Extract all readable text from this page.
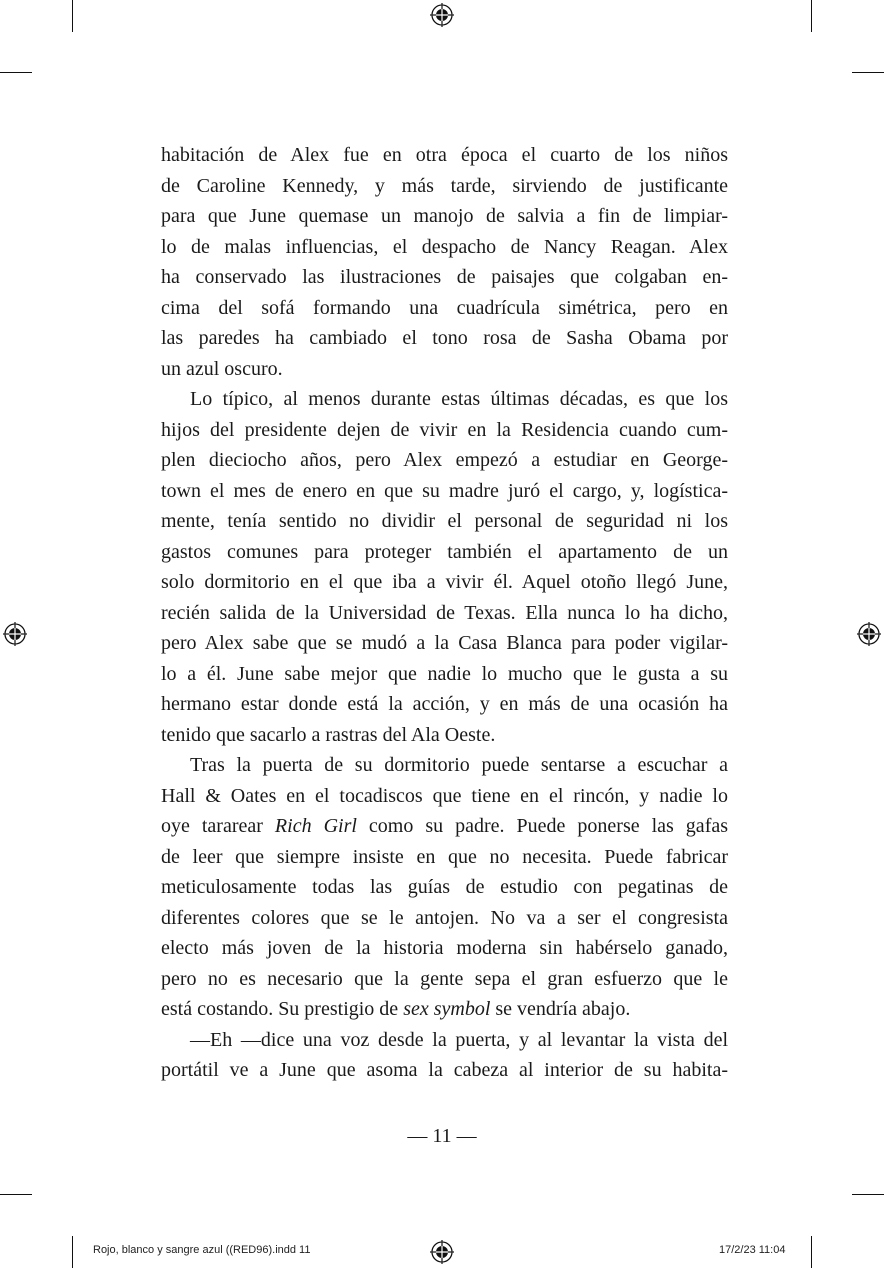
habitación de Alex fue en otra época el cuarto de los niños
de Caroline Kennedy, y más tarde, sirviendo de justificante
para que June quemase un manojo de salvia a fin de limpiar-
lo de malas influencias, el despacho de Nancy Reagan. Alex
ha conservado las ilustraciones de paisajes que colgaban en-
cima del sofá formando una cuadrícula simétrica, pero en
las paredes ha cambiado el tono rosa de Sasha Obama por
un azul oscuro.
Lo típico, al menos durante estas últimas décadas, es que los
hijos del presidente dejen de vivir en la Residencia cuando cum-
plen dieciocho años, pero Alex empezó a estudiar en George-
town el mes de enero en que su madre juró el cargo, y, logística-
mente, tenía sentido no dividir el personal de seguridad ni los
gastos comunes para proteger también el apartamento de un
solo dormitorio en el que iba a vivir él. Aquel otoño llegó June,
recién salida de la Universidad de Texas. Ella nunca lo ha dicho,
pero Alex sabe que se mudó a la Casa Blanca para poder vigilar-
lo a él. June sabe mejor que nadie lo mucho que le gusta a su
hermano estar donde está la acción, y en más de una ocasión ha
tenido que sacarlo a rastras del Ala Oeste.
Tras la puerta de su dormitorio puede sentarse a escuchar a
Hall & Oates en el tocadiscos que tiene en el rincón, y nadie lo
oye tararear Rich Girl como su padre. Puede ponerse las gafas
de leer que siempre insiste en que no necesita. Puede fabricar
meticulosamente todas las guías de estudio con pegatinas de
diferentes colores que se le antojen. No va a ser el congresista
electo más joven de la historia moderna sin habérselo ganado,
pero no es necesario que la gente sepa el gran esfuerzo que le
está costando. Su prestigio de sex symbol se vendría abajo.
—Eh —dice una voz desde la puerta, y al levantar la vista del
portátil ve a June que asoma la cabeza al interior de su habita-
— 11 —
Rojo, blanco y sangre azul ((RED96).indd 11	17/2/23 11:04
